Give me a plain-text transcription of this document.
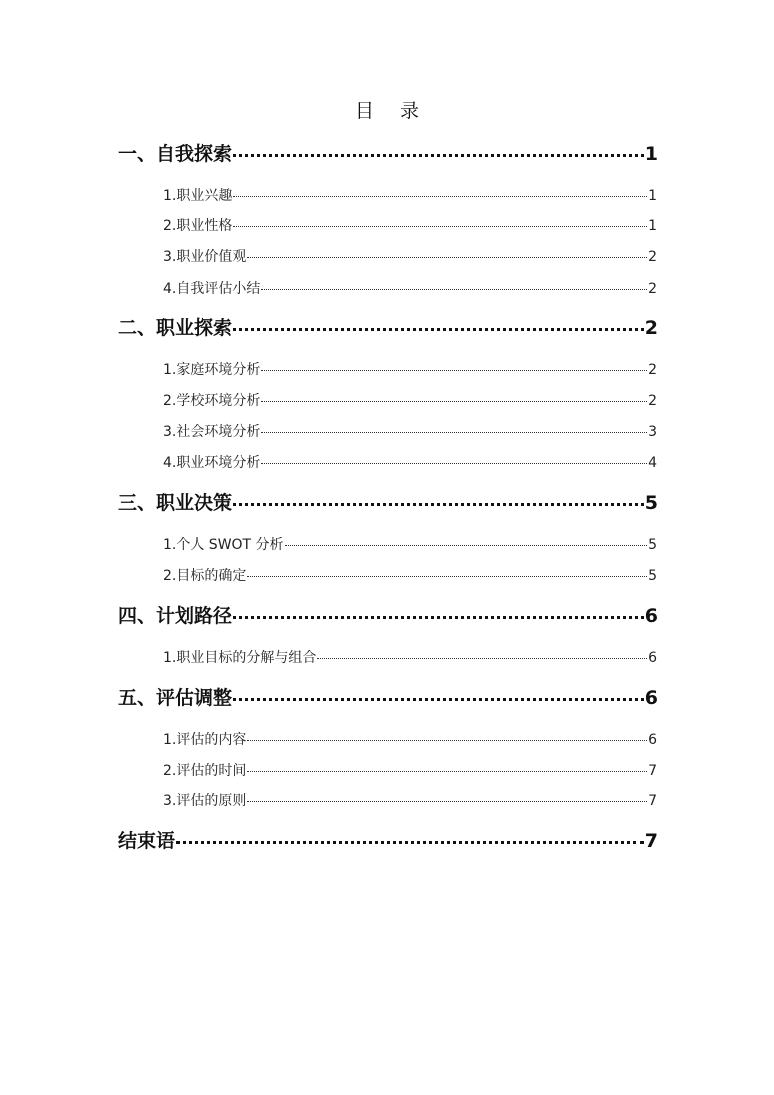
目 录
一、自我探索	1
1.职业兴趣	1
2.职业性格	1
3.职业价值观	2
4.自我评估小结	2
二、职业探索	2
1.家庭环境分析	2
2.学校环境分析	2
3.社会环境分析	3
4.职业环境分析	4
三、职业决策	5
1.个人 SWOT 分析	5
2.目标的确定	5
四、计划路径	6
1.职业目标的分解与组合	6
五、评估调整	6
1.评估的内容	6
2.评估的时间	7
3.评估的原则	7
结束语	7
